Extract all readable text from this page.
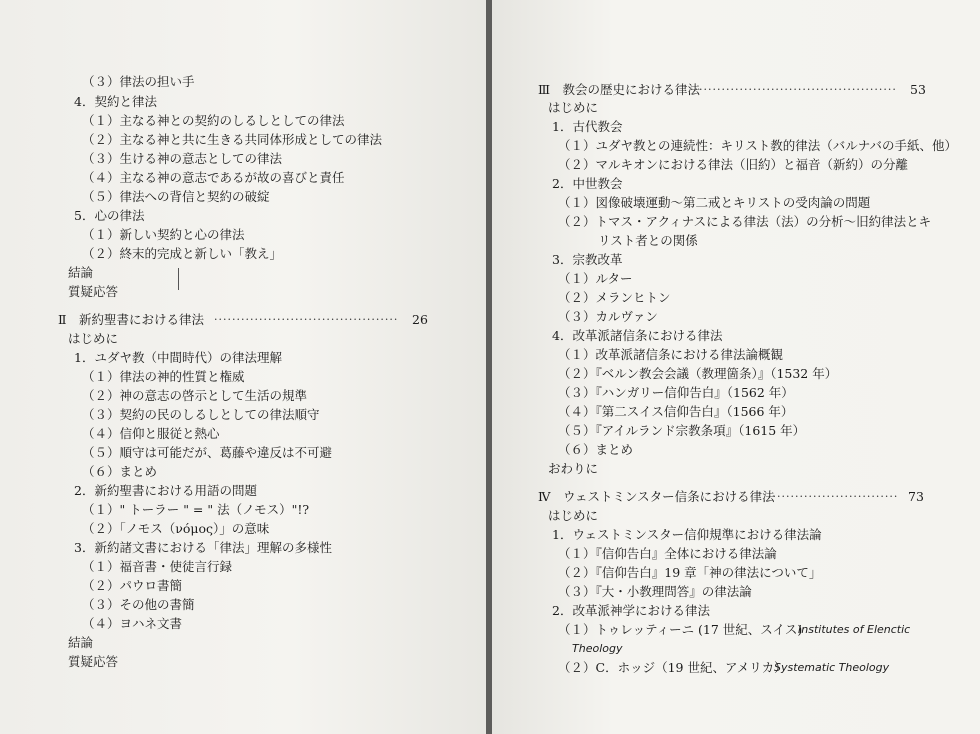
（３）律法の担い手
4．契約と律法
（１）主なる神との契約のしるしとしての律法
（２）主なる神と共に生きる共同体形成としての律法
（３）生ける神の意志としての律法
（４）主なる神の意志であるが故の喜びと責任
（５）律法への背信と契約の破綻
5．心の律法
（１）新しい契約と心の律法
（２）終末的完成と新しい「教え」
結論
質疑応答
Ⅱ　新約聖書における律法 ·········································	26
はじめに
1．ユダヤ教（中間時代）の律法理解
（１）律法の神的性質と権威
（２）神の意志の啓示として生活の規準
（３）契約の民のしるしとしての律法順守
（４）信仰と服従と熱心
（５）順守は可能だが、葛藤や違反は不可避
（６）まとめ
2．新約聖書における用語の問題
（１）" トーラー " = " 法（ノモス）"!?
（２）「ノモス（νόμος）」の意味
3．新約諸文書における「律法」理解の多様性
（１）福音書・使徒言行録
（２）パウロ書簡
（３）その他の書簡
（４）ヨハネ文書
結論
質疑応答
Ⅲ　教会の歴史における律法
··············································	53
はじめに
1．古代教会
（１）ユダヤ教との連続性：キリスト教的律法（バルナバの手紙、他）
（２）マルキオンにおける律法（旧約）と福音（新約）の分離
2．中世教会
（１）図像破壊運動～第二戒とキリストの受肉論の問題
（２）トマス・アクィナスによる律法（法）の分析～旧約律法とキ
リスト者との関係
3．宗教改革
（１）ルター
（２）メランヒトン
（３）カルヴァン
4．改革派諸信条における律法
（１）改革派諸信条における律法論概観
（２）『ベルン教会会議（教理箇条）』（1532 年）
（３）『ハンガリー信仰告白』（1562 年）
（４）『第二スイス信仰告白』（1566 年）
（５）『アイルランド宗教条項』（1615 年）
（６）まとめ
おわりに
Ⅳ　ウェストミンスター信条における律法
····························· 73
はじめに
1．ウェストミンスター信仰規準における律法論
（１）『信仰告白』全体における律法論
（２）『信仰告白』19 章「神の律法について」
（３）『大・小教理問答』の律法論
2．改革派神学における律法
（１）トゥレッティーニ (17 世紀、スイス)
Institutes of Elenctic
Theology
（２）C．ホッジ（19 世紀、アメリカ）
Systematic Theology
